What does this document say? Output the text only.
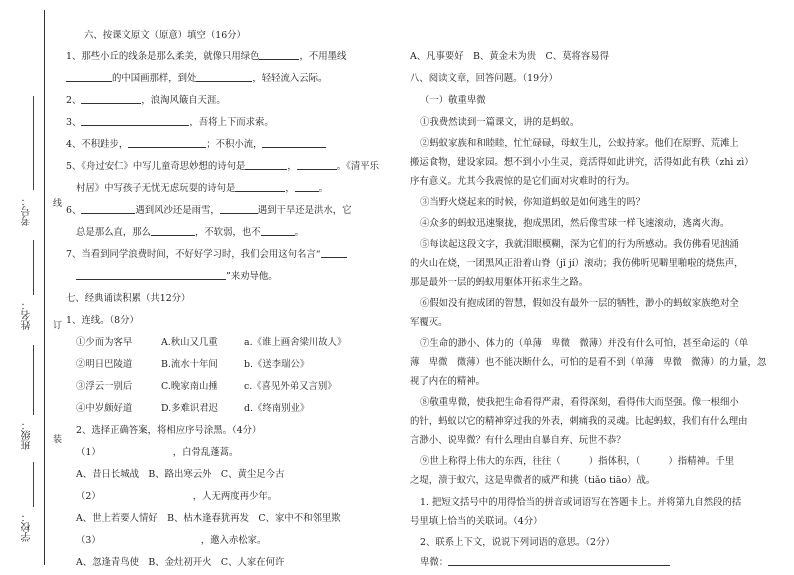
线
订
装
考号：
姓名：
班级：
学校：
六、按课文原文（原意）填空（16分）
1、那些小丘的线条是那么柔美，就像只用绿色	，不用墨线
的中国画那样，到处	，轻轻流入云际。
2、	，浪淘风簸自天涯。
3、	，吾将上下而求索。
4、不积跬步，	；不积小流，
5、《舟过安仁》中写儿童奇思妙想的诗句是	，	。《清平乐
村居》中写孩子无忧无虑玩耍的诗句是	，	。
6、	遇到风沙还是雨雪，	遇到干旱还是洪水，它
总是那么直，那么	，不软弱，也不	。
7、当看到同学浪费时间，不好好学习时，我们会用这句名言“
”来劝导他。
七、经典诵读积累（共12分）
1、连线。（8分）
①少而为客早	A.秋山又几重	a.《谁上画舍梁川故人》
②明日巴陵道	B.流水十年间	b.《送李瑞公》
③浮云一别后	C.晚家南山捶	c.《喜见外弟又言别》
④中岁颇好道	D.多难识君迟	d.《终南别业》
2、选择正确答案，将相应序号涂黑。（4分）
（1）	，白骨乱蓬蒿。
A、昔日长城战　B、路出寒云外　C、黄尘足今古
（2）	，人无两度再少年。
A、世上若要人情好　B、枯木逢春犹再发　C、家中不和邻里欺
（3）	，邀入赤松家。
A、忽逢青鸟使　B、金灶初开火　C、人家在何许
A、凡事要好　B、黄金未为贵　C、莫将容易得
八、阅读文章，回答问题。（19分）
（一）敬重卑微
①我费然读到一篇课文，讲的是蚂蚁。
②蚂蚁家族和和睦睦，忙忙碌碌，母蚁生儿，公蚁持家。他们在原野、荒滩上
搬运食物，建设家园。想不到小小生灵，竟活得如此讲究，活得如此有秩（zhì zì）
序有意义。尤其今我震惊的是它们面对灾难时的行为。
③当野火烧起来的时候，你知道蚂蚁是如何逃生的吗？
④众多的蚂蚁迅速聚拢，抱成黑团，然后像雪球一样飞速滚动，逃离火海。
⑤每读起这段文字，我就泪眼模糊，深为它们的行为所感动。我仿佛看见汹涌
的火山在烧，一团黑风正沿着山脊（jǐ jí）滚动；我仿佛听见噼里啪啦的烧焦声，
那是最外一层的蚂蚁用躯体开拓求生之路。
⑥假如没有抱成团的智慧，假如没有最外一层的牺牲，渺小的蚂蚁家族绝对全
军覆灭。
⑦生命的渺小、体力的（单薄　卑微　微薄）并没有什么可怕，甚至命运的（单
薄　卑微　微薄）也不能决断什么，可怕的是看不到（单薄　卑微　微薄）的力量，忽
视了内在的精神。
⑧敬重卑微，使我把生命看得严肃，看得深刻，看得伟大而坚强。像一根细小
的针，蚂蚁以它的精神穿过我的外表，刺痛我的灵魂。比起蚂蚁，我们有什么理由
言渺小、说卑微？有什么理由自暴自弃、玩世不恭？
⑨世上称得上伟大的东西，往往（　　　）指体积，（　　　）指精神。千里
之堤，溃于蚁穴，这是卑微者的威严和挑（tiǎo tiāo）战。
1. 把短文括号中的用得恰当的拼音或词语写在答题卡上。并将第九自然段的括
号里填上恰当的关联词。（4分）
2、联系上下文，说说下列词语的意思。（2分）
卑微：
